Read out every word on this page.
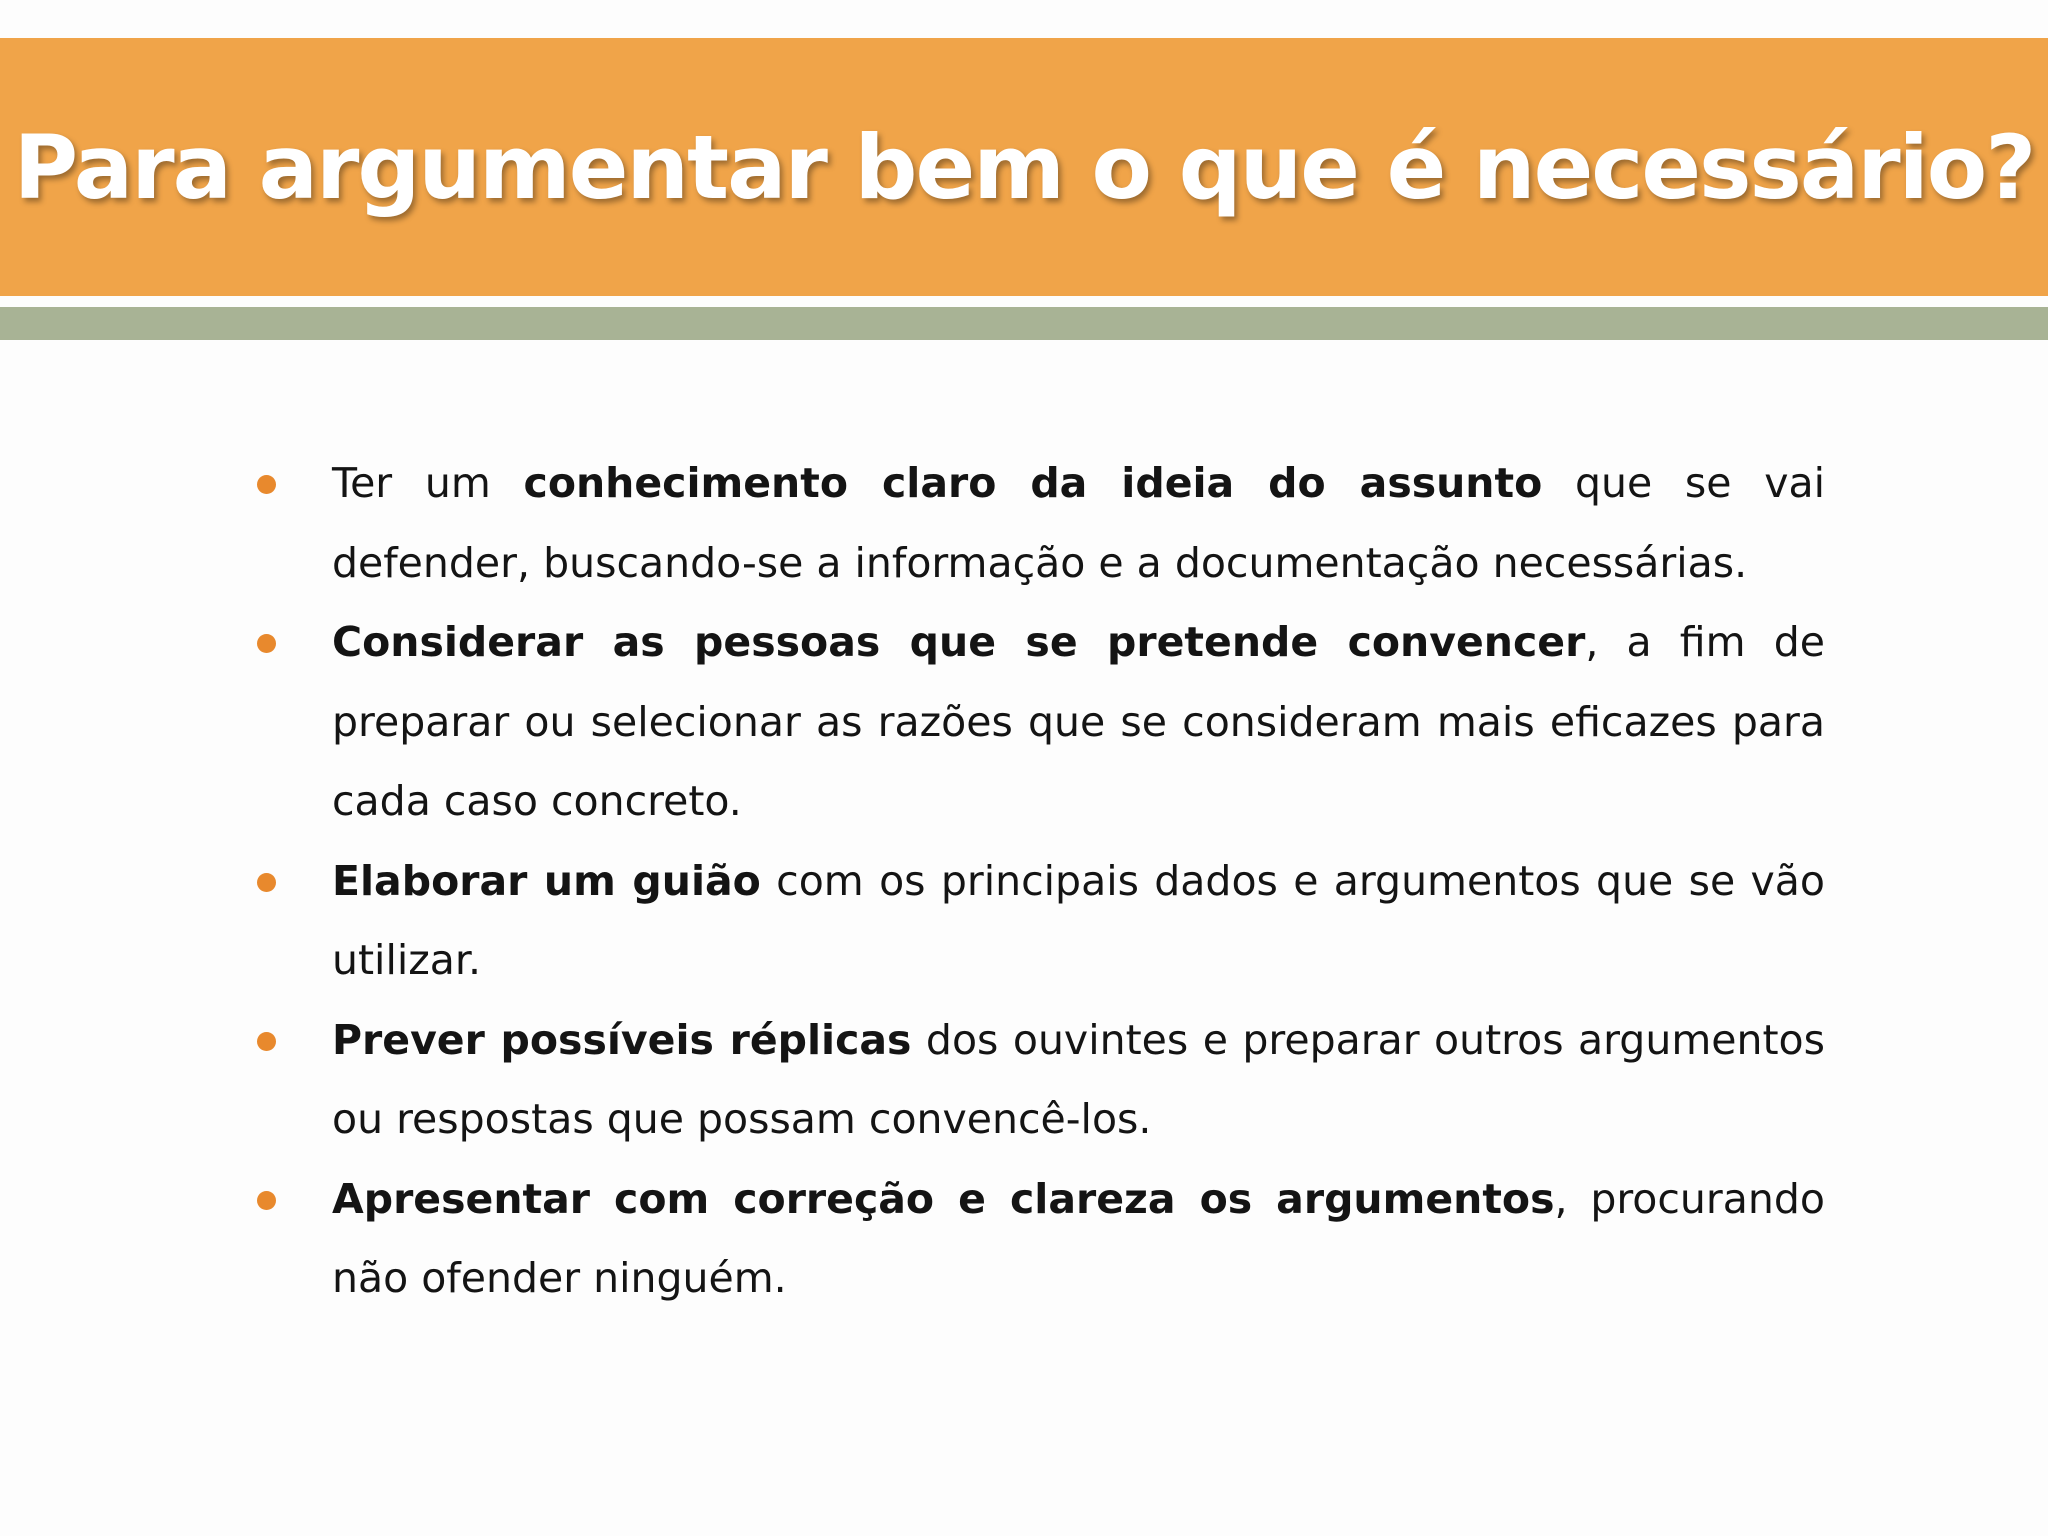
Para argumentar bem o que é necessário?
Ter um conhecimento claro da ideia do assunto que se vai defender, buscando-se a informação e a documentação necessárias.
Considerar as pessoas que se pretende convencer, a fim de preparar ou selecionar as razões que se consideram mais eficazes para cada caso concreto.
Elaborar um guião com os principais dados e argumentos que se vão utilizar.
Prever possíveis réplicas dos ouvintes e preparar outros argumentos ou respostas que possam convencê-los.
Apresentar com correção e clareza os argumentos, procurando não ofender ninguém.
